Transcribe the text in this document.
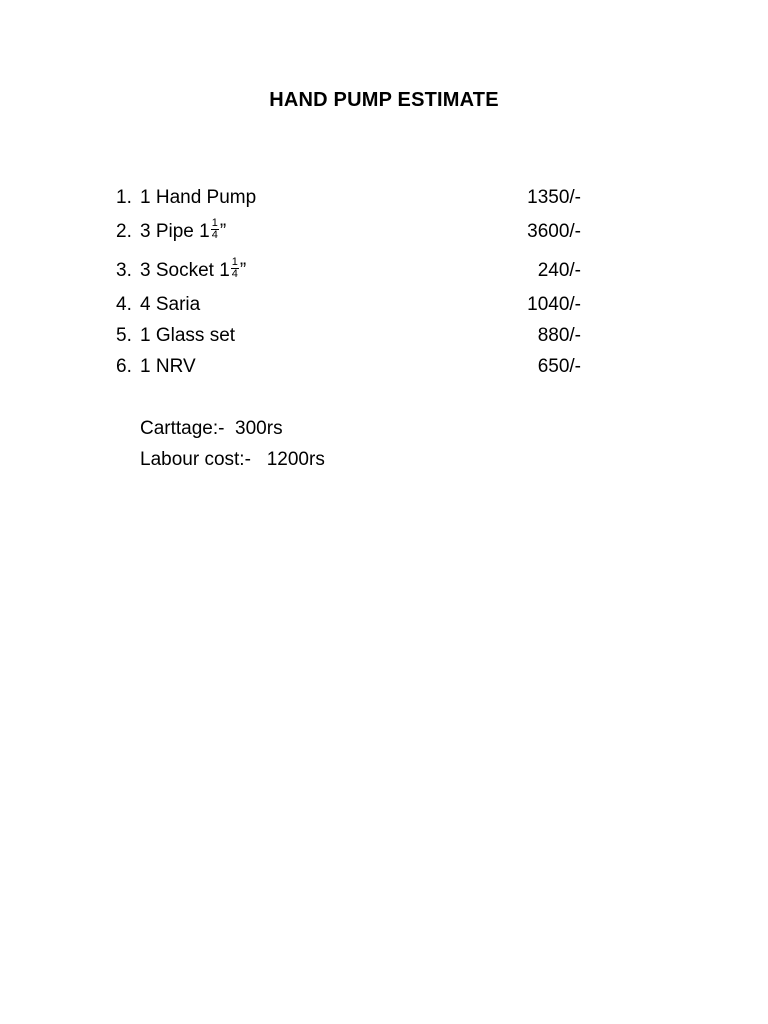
HAND PUMP ESTIMATE
1. 1 Hand Pump	1350/-
2. 3 Pipe $1 \frac{1}{4}$ ”	3600/-
3. 3 Socket $1 \frac{1}{4}$ ”	240/-
4. 4 Saria	1040/-
5. 1 Glass set	880/-
6. 1 NRV	650/-
Carttage:-  300rs
Labour cost:-   1200rs
